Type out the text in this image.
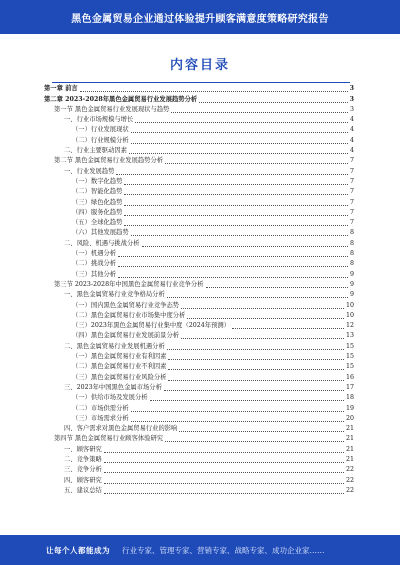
黑色金属贸易企业通过体验提升顾客满意度策略研究报告
内容目录
第一章 前言	3
第二章 2023-2028年黑色金属贸易行业发展趋势分析	3
第一节 黑色金属贸易行业发展现状与趋势	3
一、行业市场规模与增长	4
（一）行业发展现状	4
（二）行业规模分析	4
二、行业主要驱动因素	4
第二节 黑色金属贸易行业发展趋势分析	7
一、行业发展趋势	7
（一）数字化趋势	7
（二）智能化趋势	7
（三）绿色化趋势	7
（四）服务化趋势	7
（五）全球化趋势	7
（六）其他发展趋势	8
二、风险、机遇与挑战分析	8
（一）机遇分析	8
（二）挑战分析	8
（三）其他分析	9
第三节 2023-2028年中国黑色金属贸易行业竞争分析	9
一、黑色金属贸易行业竞争格局分析	9
（一）国内黑色金属贸易行业竞争态势	10
（二）黑色金属贸易行业市场集中度分析	10
（三）2023年黑色金属贸易行业集中度（2024年预测）	12
（四）黑色金属贸易行业发展前景分析	13
二、黑色金属贸易行业发展机遇分析	15
（一）黑色金属贸易行业有利因素	15
（二）黑色金属贸易行业不利因素	15
（三）黑色金属贸易行业风险分析	16
三、2023年中国黑色金属市场分析	17
（一）供给市场及发展分析	18
（二）市场供需分析	19
（三）市场需求分析	20
四、客户需求对黑色金属贸易行业的影响	21
第四节 黑色金属贸易行业顾客体验研究	21
一、顾客研究	21
二、竞争策略	21
三、竞争分析	22
四、顾客研究	22
五、建议总结	22
让每个人都能成为 行业专家、管理专家、营销专家、战略专家、成功企业家……
